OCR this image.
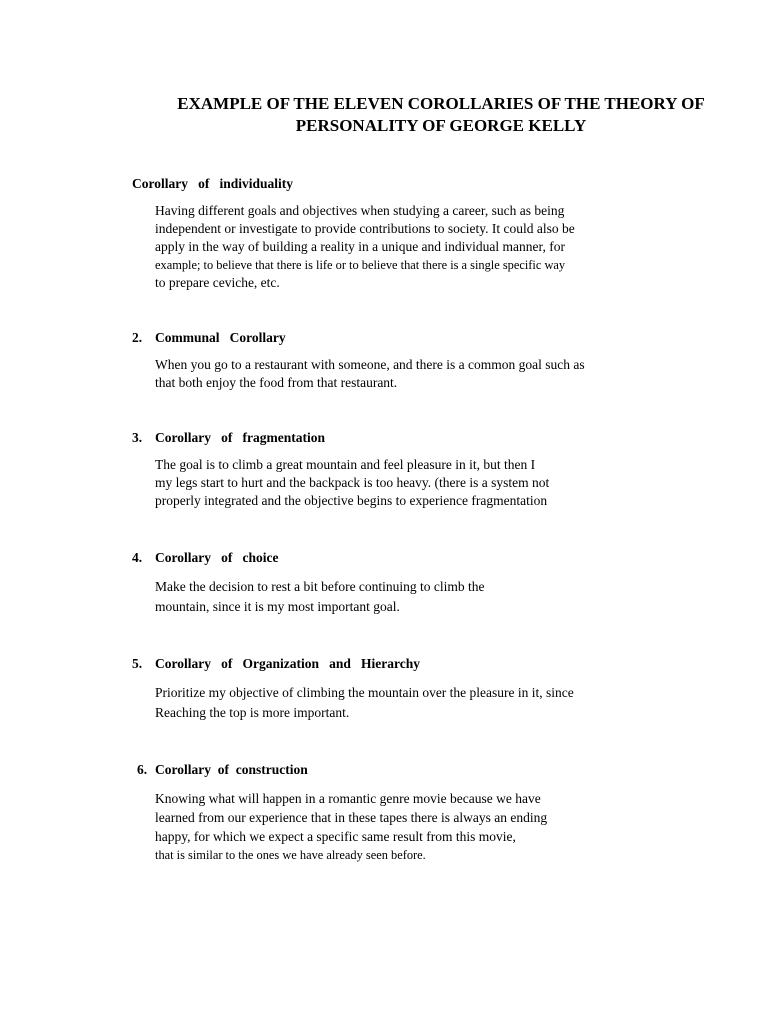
EXAMPLE OF THE ELEVEN COROLLARIES OF THE THEORY OF
PERSONALITY OF GEORGE KELLY

Corollary   of   individuality

Having different goals and objectives when studying a career, such as being
independent or investigate to provide contributions to society. It could also be
apply in the way of building a reality in a unique and individual manner, for
example; to believe that there is life or to believe that there is a single specific way
to prepare ceviche, etc.

2. Communal   Corollary

When you go to a restaurant with someone, and there is a common goal such as
that both enjoy the food from that restaurant.

3. Corollary   of   fragmentation

The goal is to climb a great mountain and feel pleasure in it, but then I
my legs start to hurt and the backpack is too heavy. (there is a system not
properly integrated and the objective begins to experience fragmentation

4. Corollary   of   choice

Make the decision to rest a bit before continuing to climb the
mountain, since it is my most important goal.

5. Corollary   of   Organization   and   Hierarchy

Prioritize my objective of climbing the mountain over the pleasure in it, since
Reaching the top is more important.

6. Corollary  of  construction

Knowing what will happen in a romantic genre movie because we have
learned from our experience that in these tapes there is always an ending
happy, for which we expect a specific same result from this movie,
that is similar to the ones we have already seen before.
